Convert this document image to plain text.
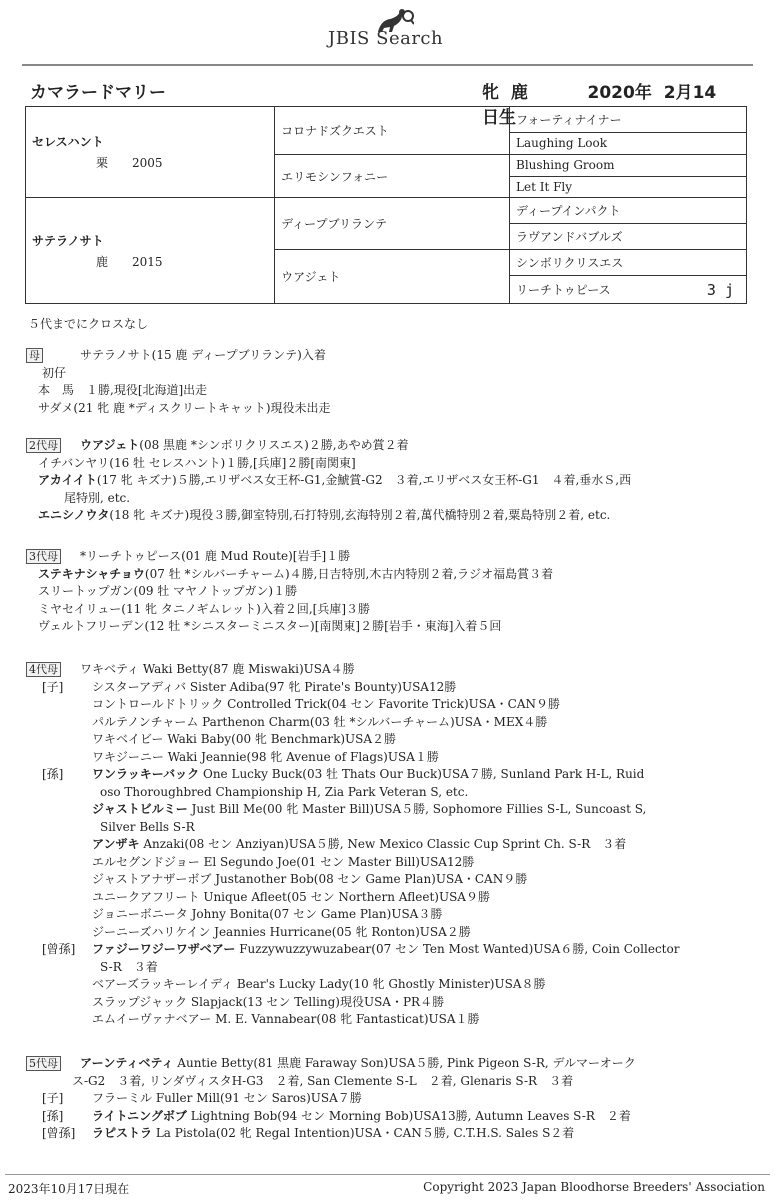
JBIS Search
カマラードマリー	牝 鹿	2020年 2月14日生
セレスハント
栗 2005	コロナドズクエスト	フォーティナイナー
		Laughing Look
	エリモシンフォニー	Blushing Groom
		Let It Fly

サテラノサト
鹿 2015	ディープブリランテ	ディープインパクト
		ラヴアンドバブルズ
	ウアジェト	シンボリクリスエス
		リーチトゥピース 3 j
５代までにクロスなし
母	サテラノサト(15 鹿 ディープブリランテ)入着
初仔
本　馬　１勝,現役[北海道]出走
サダメ(21 牝 鹿 *ディスクリートキャット)現役未出走
2代母	ウアジェト(08 黒鹿 *シンボリクリスエス)２勝,あやめ賞２着
イチバンヤリ(16 牡 セレスハント)１勝,[兵庫]２勝[南関東]
アカイイト(17 牝 キズナ)５勝,エリザベス女王杯-G1,金鯱賞-G2　３着,エリザベス女王杯-G1　４着,垂水Ｓ,西
尾特別, etc.
エニシノウタ(18 牝 キズナ)現役３勝,御室特別,石打特別,玄海特別２着,萬代橋特別２着,粟島特別２着, etc.
3代母	*リーチトゥピース(01 鹿 Mud Route)[岩手]１勝
ステキナシャチョウ(07 牡 *シルバーチャーム)４勝,日吉特別,木古内特別２着,ラジオ福島賞３着
スリートップガン(09 牡 マヤノトップガン)１勝
ミヤセイリュー(11 牝 タニノギムレット)入着２回,[兵庫]３勝
ヴェルトフリーデン(12 牡 *シニスターミニスター)[南関東]２勝[岩手・東海]入着５回
4代母	ワキベティ Waki Betty(87 鹿 Miswaki)USA４勝
[子] シスターアディバ Sister Adiba(97 牝 Pirate's Bounty)USA12勝
コントロールドトリック Controlled Trick(04 セン Favorite Trick)USA・CAN９勝
パルテノンチャーム Parthenon Charm(03 牡 *シルバーチャーム)USA・MEX４勝
ワキベイビー Waki Baby(00 牝 Benchmark)USA２勝
ワキジーニー Waki Jeannie(98 牝 Avenue of Flags)USA１勝
[孫] ワンラッキーバック One Lucky Buck(03 牡 Thats Our Buck)USA７勝, Sunland Park H-L, Ruid
oso Thoroughbred Championship H, Zia Park Veteran S, etc.
ジャストビルミー Just Bill Me(00 牝 Master Bill)USA５勝, Sophomore Fillies S-L, Suncoast S,
Silver Bells S-R
アンザキ Anzaki(08 セン Anziyan)USA５勝, New Mexico Classic Cup Sprint Ch. S-R　３着
エルセグンドジョー El Segundo Joe(01 セン Master Bill)USA12勝
ジャストアナザーボブ Justanother Bob(08 セン Game Plan)USA・CAN９勝
ユニークアフリート Unique Afleet(05 セン Northern Afleet)USA９勝
ジョニーボニータ Johny Bonita(07 セン Game Plan)USA３勝
ジーニーズハリケイン Jeannies Hurricane(05 牝 Ronton)USA２勝
[曾孫] ファジーワジーワザベアー Fuzzywuzzywuzabear(07 セン Ten Most Wanted)USA６勝, Coin Collector
S-R　３着
ベアーズラッキーレイディ Bear's Lucky Lady(10 牝 Ghostly Minister)USA８勝
スラップジャック Slapjack(13 セン Telling)現役USA・PR４勝
エムイーヴァナベアー M. E. Vannabear(08 牝 Fantasticat)USA１勝
5代母	アーンティベティ Auntie Betty(81 黒鹿 Faraway Son)USA５勝, Pink Pigeon S-R, デルマーオーク
ス-G2　３着, リンダヴィスタH-G3　２着, San Clemente S-L　２着, Glenaris S-R　３着
[子] フラーミル Fuller Mill(91 セン Saros)USA７勝
[孫] ライトニングボブ Lightning Bob(94 セン Morning Bob)USA13勝, Autumn Leaves S-R　２着
[曾孫] ラピストラ La Pistola(02 牝 Regal Intention)USA・CAN５勝, C.T.H.S. Sales S２着
2023年10月17日現在	Copyright 2023 Japan Bloodhorse Breeders' Association
